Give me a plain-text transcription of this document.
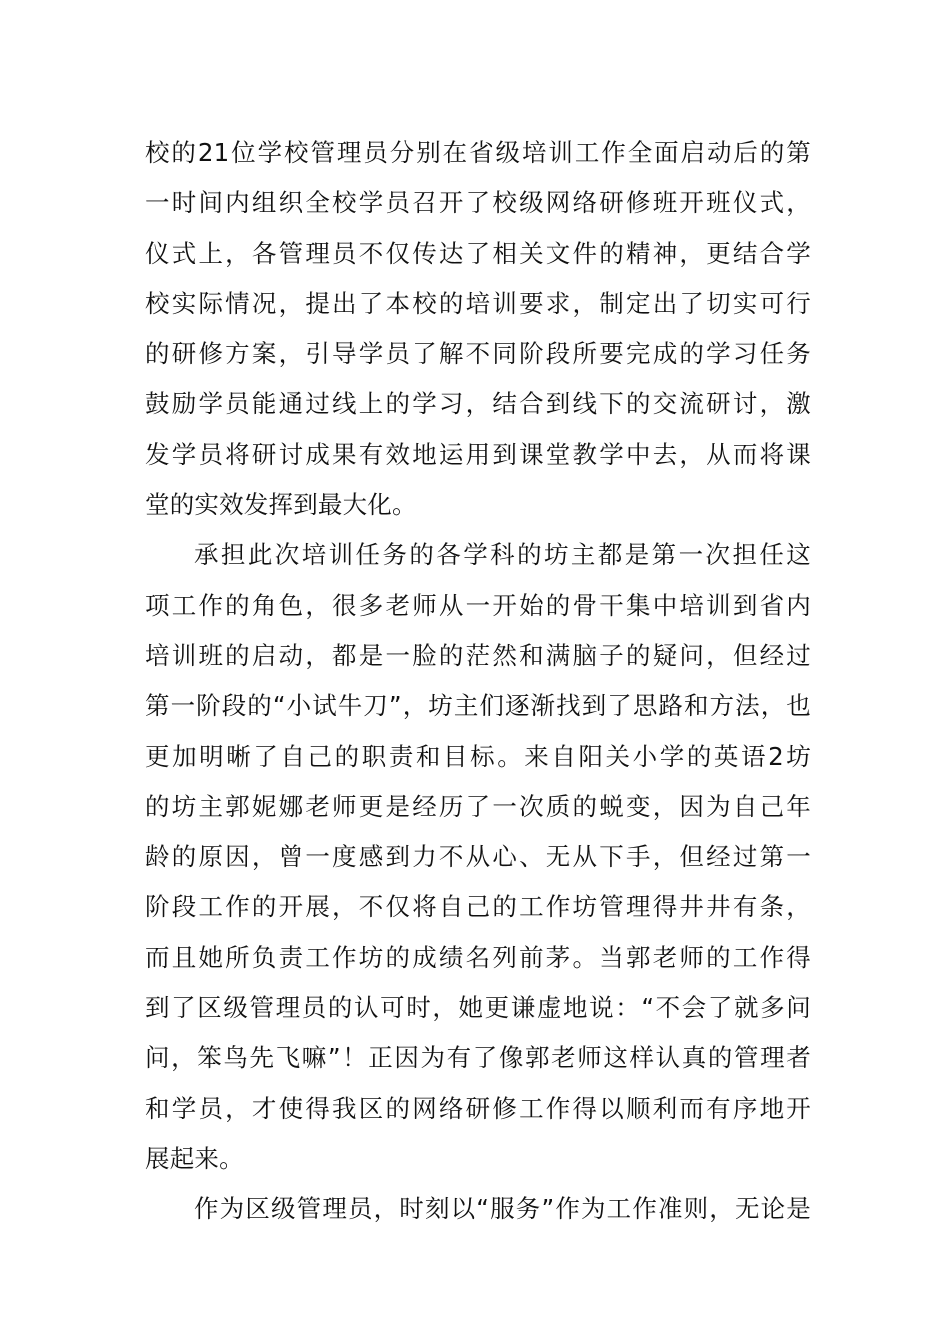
校的21位学校管理员分别在省级培训工作全面启动后的第
一时间内组织全校学员召开了校级网络研修班开班仪式，
仪式上，各管理员不仅传达了相关文件的精神，更结合学
校实际情况，提出了本校的培训要求，制定出了切实可行
的研修方案，引导学员了解不同阶段所要完成的学习任务
鼓励学员能通过线上的学习，结合到线下的交流研讨，激
发学员将研讨成果有效地运用到课堂教学中去，从而将课
堂的实效发挥到最大化。
承担此次培训任务的各学科的坊主都是第一次担任这
项工作的角色，很多老师从一开始的骨干集中培训到省内
培训班的启动，都是一脸的茫然和满脑子的疑问，但经过
第一阶段的“小试牛刀”，坊主们逐渐找到了思路和方法，也
更加明晰了自己的职责和目标。来自阳关小学的英语2坊
的坊主郭妮娜老师更是经历了一次质的蜕变，因为自己年
龄的原因，曾一度感到力不从心、无从下手，但经过第一
阶段工作的开展，不仅将自己的工作坊管理得井井有条，
而且她所负责工作坊的成绩名列前茅。当郭老师的工作得
到了区级管理员的认可时，她更谦虚地说：“不会了就多问
问，笨鸟先飞嘛”！正因为有了像郭老师这样认真的管理者
和学员，才使得我区的网络研修工作得以顺利而有序地开
展起来。
作为区级管理员，时刻以“服务”作为工作准则，无论是
